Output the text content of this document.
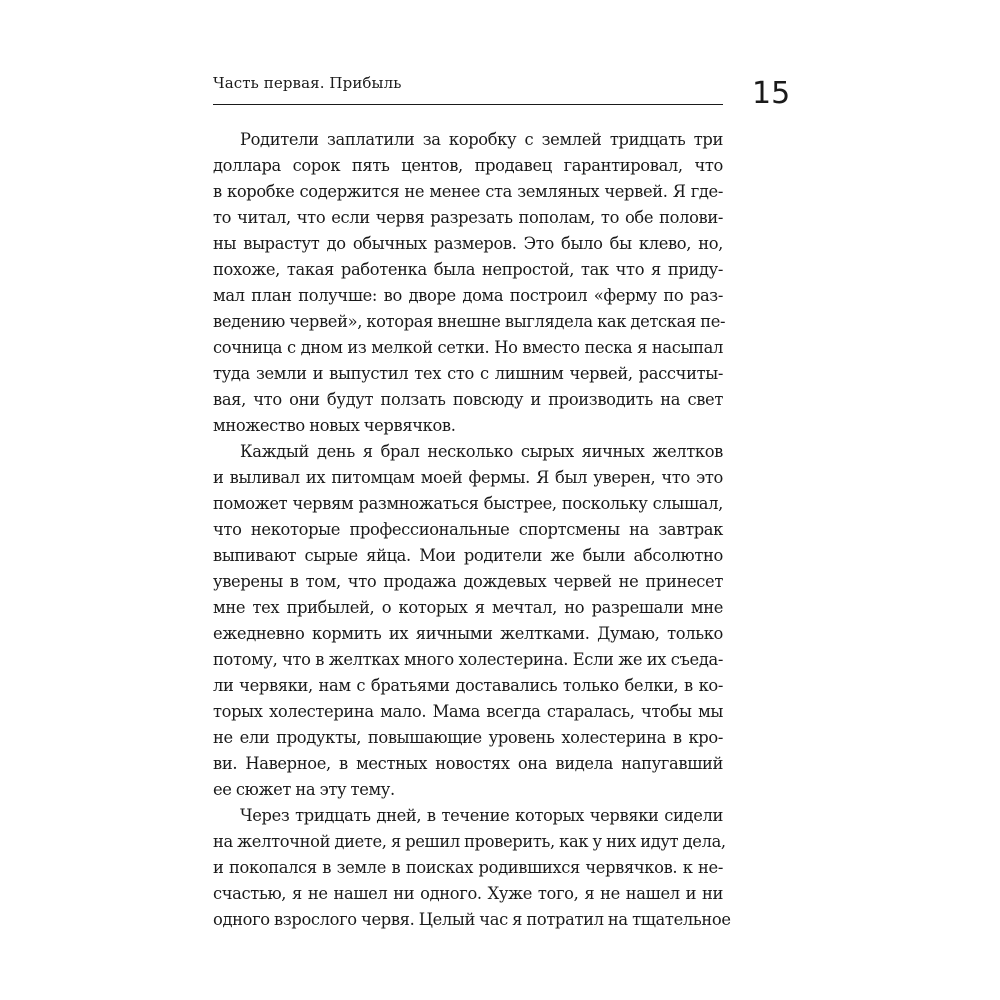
Часть первая. Прибыль	15
Родители заплатили за коробку с землей тридцать три
доллара сорок пять центов, продавец гарантировал, что
в коробке содержится не менее ста земляных червей. Я где-
то читал, что если червя разрезать пополам, то обе полови-
ны вырастут до обычных размеров. Это было бы клево, но,
похоже, такая работенка была непростой, так что я приду-
мал план получше: во дворе дома построил «ферму по раз-
ведению червей», которая внешне выглядела как детская пе-
сочница с дном из мелкой сетки. Но вместо песка я насыпал
туда земли и выпустил тех сто с лишним червей, рассчиты-
вая, что они будут ползать повсюду и производить на свет
множество новых червячков.
Каждый день я брал несколько сырых яичных желтков
и выливал их питомцам моей фермы. Я был уверен, что это
поможет червям размножаться быстрее, поскольку слышал,
что некоторые профессиональные спортсмены на завтрак
выпивают сырые яйца. Мои родители же были абсолютно
уверены в том, что продажа дождевых червей не принесет
мне тех прибылей, о которых я мечтал, но разрешали мне
ежедневно кормить их яичными желтками. Думаю, только
потому, что в желтках много холестерина. Если же их съеда-
ли червяки, нам с братьями доставались только белки, в ко-
торых холестерина мало. Мама всегда старалась, чтобы мы
не ели продукты, повышающие уровень холестерина в кро-
ви. Наверное, в местных новостях она видела напугавший
ее сюжет на эту тему.
Через тридцать дней, в течение которых червяки сидели
на желточной диете, я решил проверить, как у них идут дела,
и покопался в земле в поисках родившихся червячков. к не-
счастью, я не нашел ни одного. Хуже того, я не нашел и ни
одного взрослого червя. Целый час я потратил на тщательное
